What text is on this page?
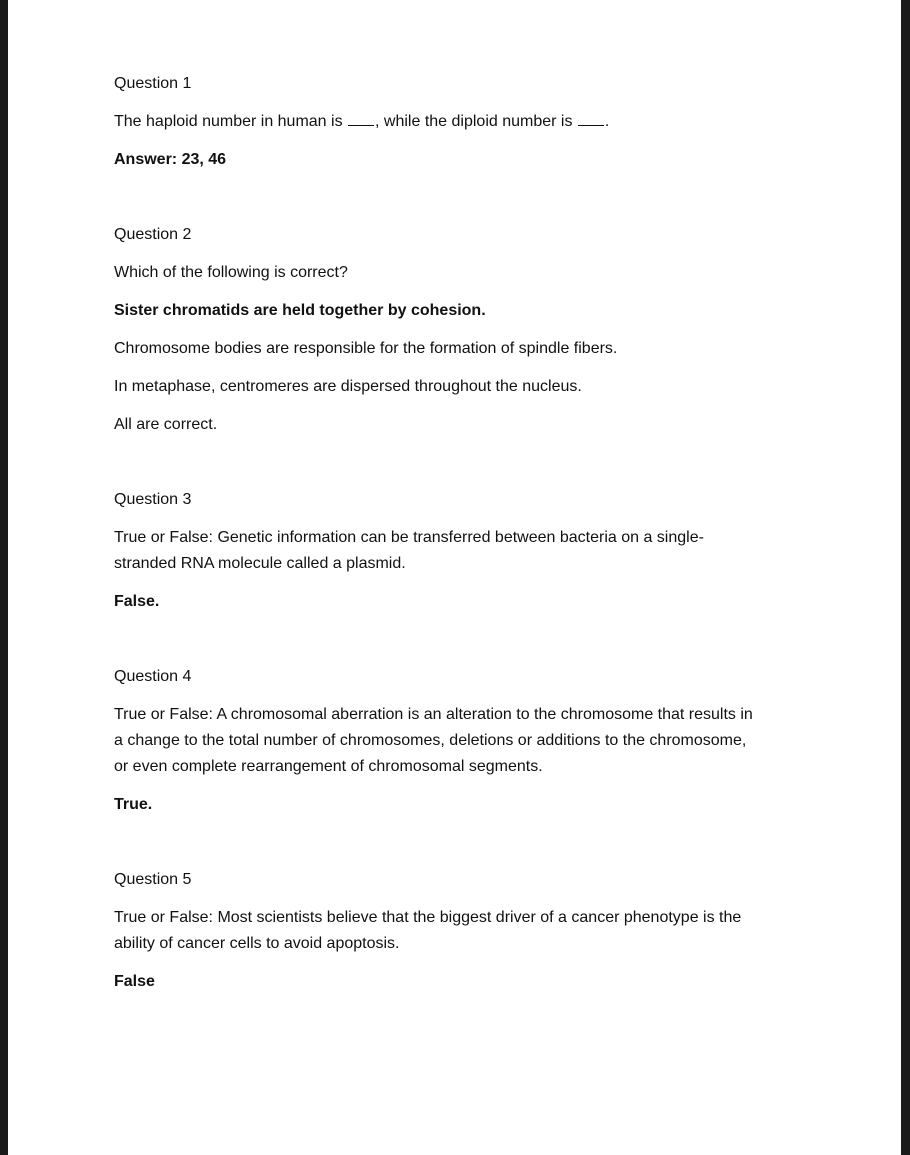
Question 1

The haploid number in human is , while the diploid number is .

Answer: 23, 46

Question 2

Which of the following is correct?

Sister chromatids are held together by cohesion.

Chromosome bodies are responsible for the formation of spindle fibers.

In metaphase, centromeres are dispersed throughout the nucleus.

All are correct.

Question 3

True or False: Genetic information can be transferred between bacteria on a single-
stranded RNA molecule called a plasmid.

False.

Question 4

True or False: A chromosomal aberration is an alteration to the chromosome that results in
a change to the total number of chromosomes, deletions or additions to the chromosome,
or even complete rearrangement of chromosomal segments.

True.

Question 5

True or False: Most scientists believe that the biggest driver of a cancer phenotype is the
ability of cancer cells to avoid apoptosis.

False
